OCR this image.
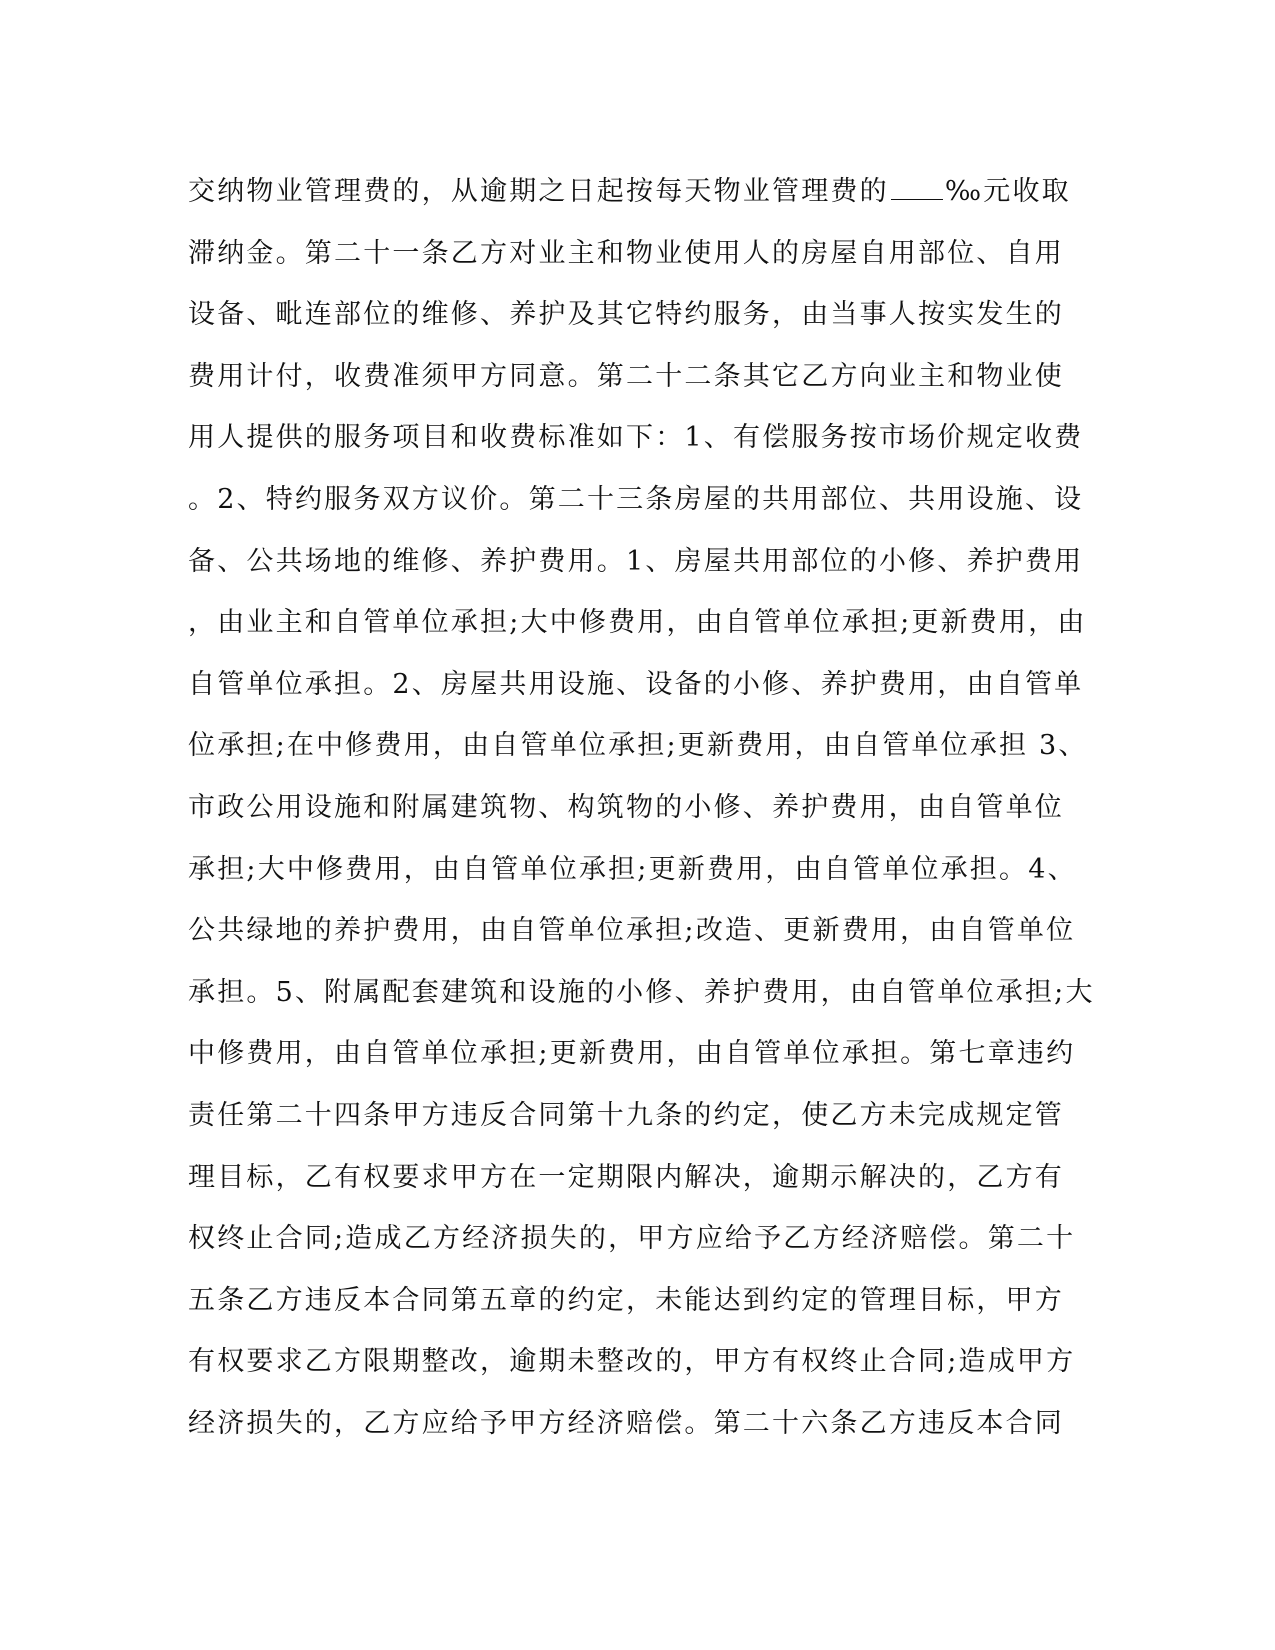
交纳物业管理费的，从逾期之日起按每天物业管理费的 ‰元收取
滞纳金。第二十一条乙方对业主和物业使用人的房屋自用部位、自用
设备、毗连部位的维修、养护及其它特约服务，由当事人按实发生的
费用计付，收费准须甲方同意。第二十二条其它乙方向业主和物业使
用人提供的服务项目和收费标准如下：1、有偿服务按市场价规定收费
。2、特约服务双方议价。第二十三条房屋的共用部位、共用设施、设
备、公共场地的维修、养护费用。1、房屋共用部位的小修、养护费用
，由业主和自管单位承担;大中修费用，由自管单位承担;更新费用，由
自管单位承担。2、房屋共用设施、设备的小修、养护费用，由自管单
位承担;在中修费用，由自管单位承担;更新费用，由自管单位承担 3、
市政公用设施和附属建筑物、构筑物的小修、养护费用，由自管单位
承担;大中修费用，由自管单位承担;更新费用，由自管单位承担。4、
公共绿地的养护费用，由自管单位承担;改造、更新费用，由自管单位
承担。5、附属配套建筑和设施的小修、养护费用，由自管单位承担;大
中修费用，由自管单位承担;更新费用，由自管单位承担。第七章违约
责任第二十四条甲方违反合同第十九条的约定，使乙方未完成规定管
理目标，乙有权要求甲方在一定期限内解决，逾期示解决的，乙方有
权终止合同;造成乙方经济损失的，甲方应给予乙方经济赔偿。第二十
五条乙方违反本合同第五章的约定，未能达到约定的管理目标，甲方
有权要求乙方限期整改，逾期未整改的，甲方有权终止合同;造成甲方
经济损失的，乙方应给予甲方经济赔偿。第二十六条乙方违反本合同
